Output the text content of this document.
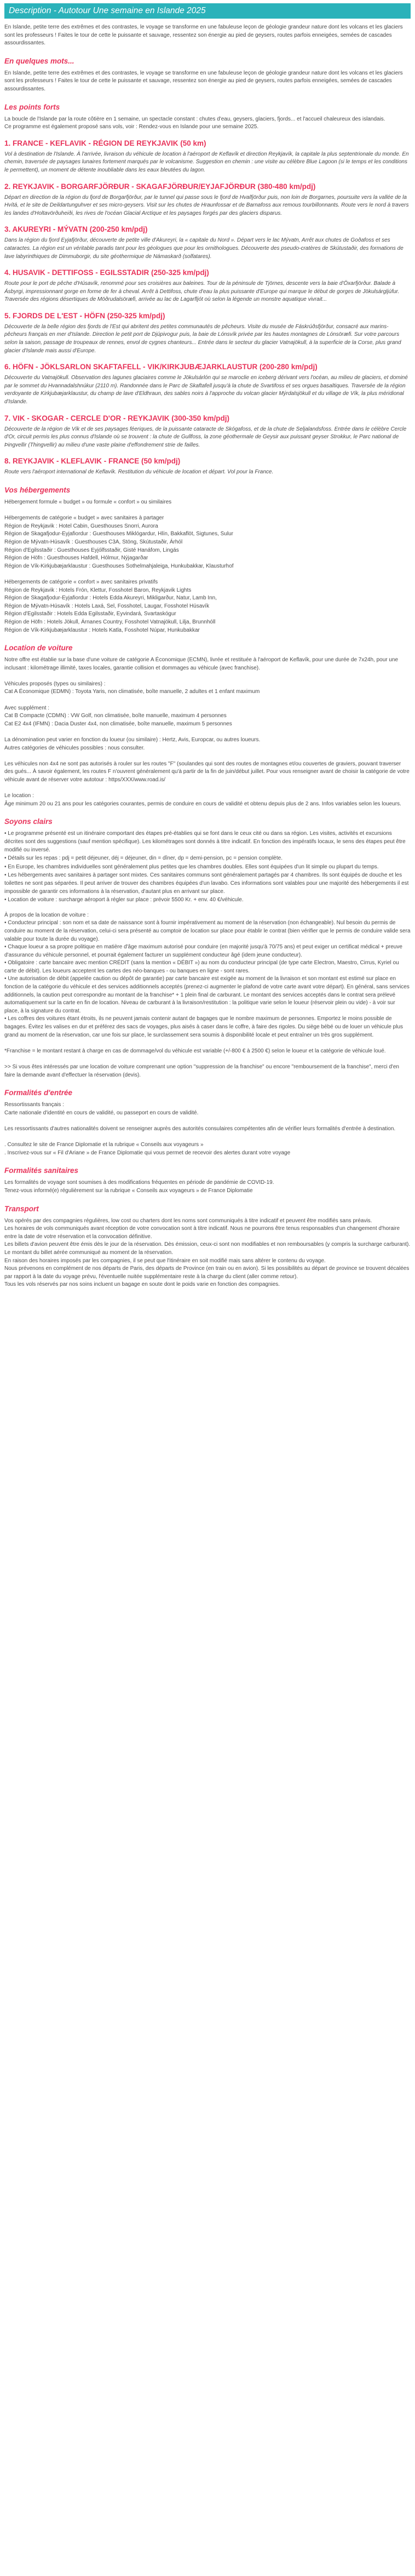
Description - Autotour Une semaine en Islande 2025

En Islande, petite terre des extrêmes et des contrastes, le voyage se transforme en une fabuleuse leçon de géologie grandeur nature dont les volcans et les glaciers sont les professeurs ! Faites le tour de cette le puissante et sauvage, ressentez son énergie au pied de geysers, routes parfois enneigées, semées de cascades assourdissantes.

En quelques mots...

En Islande, petite terre des extrêmes et des contrastes, le voyage se transforme en une fabuleuse leçon de géologie grandeur nature dont les volcans et les glaciers sont les professeurs ! Faites le tour de cette le puissante et sauvage, ressentez son énergie au pied de geysers, routes parfois enneigées, semées de cascades assourdissantes.

Les points forts
La boucle de l'Islande par la route côtière en 1 semaine, un spectacle constant : chutes d'eau, geysers, glaciers, fjords... et l'accueil chaleureux des islandais.
Ce programme est également proposé sans vols, voir : Rendez-vous en Islande pour une semaine 2025.
1. FRANCE - KEFLAVIK - RÉGION DE REYKJAVIK (50 km)

Vol à destination de l'Islande. À l'arrivée, livraison du véhicule de location à l'aéroport de Keflavík et direction Reykjavík, la capitale la plus septentrionale du monde. En chemin, traversée de paysages lunaires fortement marqués par le volcanisme. Suggestion en chemin : une visite au célèbre Blue Lagoon (si le temps et les conditions le permettent), un moment de détente inoubliable dans les eaux bleutées du lagon.

2. REYKJAVIK - BORGARFJÖRÐUR - SKAGAFJÖRÐUR/EYJAFJÖRÐUR (380-480 km/pdj)

Départ en direction de la région du fjord de Borgarfjörður, par le tunnel qui passe sous le fjord de Hvalfjörður puis, non loin de Borgarnes, poursuite vers la vallée de la Hvítá, et le site de Deildartunguhver et ses micro-geysers. Visit sur les chutes de Hraunfossar et de Barnafoss aux remous tourbillonnants. Route vers le nord à travers les landes d'Holtavörðuheiði, les rives de l'océan Glacial Arctique et les paysages forgés par des glaciers disparus.

3. AKUREYRI - MÝVATN (200-250 km/pdj)

Dans la région du fjord Eyjafjörður, découverte de petite ville d'Akureyri, la « capitale du Nord ». Départ vers le lac Mývatn, Arrêt aux chutes de Goðafoss et ses cataractes. La région est un véritable paradis tant pour les géologues que pour les ornithologues. Découverte des pseudo-cratères de Skútustaðir, des formations de lave labyrinthiques de Dimmuborgir, du site géothermique de Námaskarð (solfatares).

4. HUSAVIK - DETTIFOSS - EGILSSTADIR (250-325 km/pdj)

Route pour le port de pêche d'Húsavík, renommé pour ses croisières aux baleines. Tour de la péninsule de Tjörnes, descente vers la baie d'Öxarfjörður. Balade à Ásbyrgi, impressionnant gorge en forme de fer à cheval. Arrêt à Dettifoss, chute d'eau la plus puissante d'Europe qui marque le début de gorges de Jökulsárgljúfur. Traversée des régions désertiques de Möðrudalsöræfi, arrivée au lac de Lagarfljót où selon la légende un monstre aquatique vivrait...

5. FJORDS DE L'EST - HÖFN (250-325 km/pdj)

Découverte de la belle région des fjords de l'Est qui abritent des petites communautés de pêcheurs. Visite du musée de Fáskrúðsfjörður, consacré aux marins-pêcheurs français en mer d'Islande. Direction le petit port de Djúpivogur puis, la baie de Lónsvík privée par les hautes montagnes de Lónsöræfi. Sur votre parcours selon la saison, passage de troupeaux de rennes, envol de cygnes chanteurs... Entrée dans le secteur du glacier Vatnajökull, à la superficie de la Corse, plus grand glacier d'Islande mais aussi d'Europe.

6. HÖFN - JÖKLSARLON SKAFTAFELL - VIK/KIRKJUBÆJARKLAUSTUR (200-280 km/pdj)

Découverte du Vatnajökull. Observation des lagunes glaciaires comme le Jökulsárlón qui se maroclie en iceberg dérivant vers l'océan, au milieu de glaciers, et dominé par le sommet du Hvannadalshnúkur (2110 m). Randonnée dans le Parc de Skaftafell jusqu'à la chute de Svartifoss et ses orgues basaltiques. Traversée de la région verdoyante de Kirkjubæjarklaustur, du champ de lave d'Eldhraun, des sables noirs à l'approche du volcan glacier Mýrdalsjökull et du village de Vík, la plus méridional d'Islande.

7. VIK - SKOGAR - CERCLE D'OR - REYKJAVIK (300-350 km/pdj)

Découverte de la région de Vík et de ses paysages féeriques, de la puissante cataracte de Skógafoss, et de la chute de Seljalandsfoss. Entrée dans le célèbre Cercle d'Or, circuit permis les plus connus d'Islande où se trouvent : la chute de Gullfoss, la zone géothermale de Geysir aux puissant geyser Strokkur, le Parc national de Þingvellir (Thingvellir) au milieu d'une vaste plaine d'effondrement strie de failles.

8. REYKJAVIK - KLEFLAVIK - FRANCE (50 km/pdj)

Route vers l'aéroport international de Keflavík. Restitution du véhicule de location et départ. Vol pour la France.

Vos hébergements
Hébergement formule « budget » ou formule « confort » ou similaires
Hébergements de catégorie « budget » avec sanitaires à partager
Région de Reykjavik : Hotel Cabin, Guesthouses Snorri, Aurora
Région de Skagafjodur-Eyjafiordur : Guesthouses Miklógardur, Hlín, Bakkaflöt, Sigtunes, Sulur
Région de Mývatn-Húsavík : Guesthouses C3A, Stöng, Skútustaðir, Árhól
Région d'Egilsstaðir : Guesthouses Eyjólfsstaðir, Gisté Hanáfom, Lingás
Région de Höfn : Guesthouses Hafdell, Hólmur, Nýjagarðar
Région de Vík-Kirkjubæjarklaustur : Guesthouses Sothelmahjaleiga, Hunkubakkar, Klausturhof
Hébergements de catégorie « confort » avec sanitaires privatifs
Région de Reykjavik : Hotels Frón, Klettur, Fosshotel Baron, Reykjavik Lights
Région de Skagafjodur-Eyjafiordur : Hotels Edda Akureyri, Mikligarður, Natur, Lamb Inn,
Région de Mývatn-Húsavík : Hotels Laxá, Sel, Fosshotel, Laugar, Fosshotel Húsavík
Région d'Egilsstaðir : Hotels Edda Egilsstaðir, Eyvindará, Svartaskógur
Région de Höfn : Hotels Jökull, Árnanes Country, Fosshotel Vatnajökull, Lilja, Brunnhóll
Région de Vík-Kirkjubæjarklaustur : Hotels Katla, Fosshotel Núpar, Hunkubakkar
Location de voiture
Notre offre est établie sur la base d'une voiture de catégorie A Économique (ECMN), livrée et restituée à l'aéroport de Keflavík, pour une durée de 7x24h, pour une inclusant : kilométrage illimité, taxes locales, garantie collision et dommages au véhicule (avec franchise).
Véhicules proposés (types ou similaires) :
Cat A Économique (EDMN) : Toyota Yaris, non climatisée, boîte manuelle, 2 adultes et 1 enfant maximum
Avec supplément :
Cat B Compacte (CDMN) : VW Golf, non climatisée, boîte manuelle, maximum 4 personnes
Cat E2 4x4 (IFMN) : Dacia Duster 4x4, non climatisée, boîte manuelle, maximum 5 personnes
La dénomination peut varier en fonction du loueur (ou similaire) : Hertz, Avis, Europcar, ou autres loueurs.
Autres catégories de véhicules possibles : nous consulter.
Les véhicules non 4x4 ne sont pas autorisés à rouler sur les routes "F" (soulandes qui sont des routes de montagnes et/ou couvertes de graviers, pouvant traverser des gués... À savoir également, les routes F n'ouvrent généralement qu'à partir de la fin de juin/début juillet. Pour vous renseigner avant de choisir la catégorie de votre véhicule avant de réserver votre autotour : https/XXX/www.road.is/
Le location :
Âge minimum 20 ou 21 ans pour les catégories courantes, permis de conduire en cours de validité et obtenu depuis plus de 2 ans. Infos variables selon les loueurs.
Soyons clairs
• Le programme présenté est un itinéraire comportant des étapes pré-établies qui se font dans le ceux cité ou dans sa région. Les visites, activités et excursions décrites sont des suggestions (sauf mention spécifique). Les kilométrages sont donnés à titre indicatif. En fonction des impératifs locaux, le sens des étapes peut être modifié ou inversé.
• Détails sur les repas : pdj = petit déjeuner, déj = déjeuner, din = dîner, dp = demi-pension, pc = pension complète.
• En Europe, les chambres individuelles sont généralement plus petites que les chambres doubles. Elles sont équipées d'un lit simple ou plupart du temps.
• Les hébergements avec sanitaires à partager sont mixtes. Ces sanitaires communs sont généralement partagés par 4 chambres. Ils sont équipés de douche et les toilettes ne sont pas séparées. Il peut arriver de trouver des chambres équipées d'un lavabo. Ces informations sont valables pour une majorité des hébergements il est impossible de garantir ces informations à la réservation, d'autant plus en arrivant sur place.
• Location de voiture : surcharge aéroport à régler sur place : prévoir 5500 Kr. + env. 40 €/véhicule.
À propos de la location de voiture :
• Conducteur principal : son nom et sa date de naissance sont à fournir impérativement au moment de la réservation (non échangeable). Nul besoin du permis de conduire au moment de la réservation, celui-ci sera présenté au comptoir de location sur place pour établir le contrat (bien vérifier que le permis de conduire valide sera valable pour toute la durée du voyage).
• Chaque loueur a sa propre politique en matière d'âge maximum autorisé pour conduire (en majorité jusqu'à 70/75 ans) et peut exiger un certificat médical + preuve d'assurance du véhicule personnel, et pourrait également facturer un supplément conducteur âgé (idem jeune conducteur).
• Obligatoire : carte bancaire avec mention CRÉDIT (sans la mention « DÉBIT ») au nom du conducteur principal (de type carte Electron, Maestro, Cirrus, Kyriel ou carte de débit). Les loueurs acceptent les cartes des néo-banques - ou banques en ligne - sont rares.
• Une autorisation de débit (appelée caution ou dépôt de garantie) par carte bancaire est exigée au moment de la livraison et son montant est estimé sur place en fonction de la catégorie du véhicule et des services additionnels acceptés (prenez-ci augmenter le plafond de votre carte avant votre départ). En général, sans services additionnels, la caution peut correspondre au montant de la franchise* + 1 plein final de carburant. Le montant des services acceptés dans le contrat sera prélevé automatiquement sur la carte en fin de location. Niveau de carburant à la livraison/restitution : la politique varie selon le loueur (réservoir plein ou vide) - à voir sur place, à la signature du contrat.
• Les coffres des voitures étant étroits, ils ne peuvent jamais contenir autant de bagages que le nombre maximum de personnes. Emportez le moins possible de bagages. Évitez les valises en dur et préférez des sacs de voyages, plus aisés à caser dans le coffre, à faire des rigoles. Du siège bébé ou de louer un véhicule plus grand au moment de la réservation, car une fois sur place, le surclassement sera soumis à disponibilité locale et peut entraîner un très gros supplément.
*Franchise = le montant restant à charge en cas de dommage/vol du véhicule est variable (+/-800 € à 2500 €) selon le loueur et la catégorie de véhicule loué.
>> Si vous êtes intéressés par une location de voiture comprenant une option "suppression de la franchise" ou encore "remboursement de la franchise", merci d'en faire la demande avant d'effectuer la réservation (devis).
Formalités d'entrée
Ressortissants français :
Carte nationale d'identité en cours de validité, ou passeport en cours de validité.
Les ressortissants d'autres nationalités doivent se renseigner auprès des autorités consulaires compétentes afin de vérifier leurs formalités d'entrée à destination.
. Consultez le site de France Diplomatie et la rubrique « Conseils aux voyageurs »
. Inscrivez-vous sur « Fil d'Ariane » de France Diplomatie qui vous permet de recevoir des alertes durant votre voyage
Formalités sanitaires
Les formalités de voyage sont soumises à des modifications fréquentes en période de pandémie de COVID-19.
Tenez-vous informé(e) régulièrement sur la rubrique « Conseils aux voyageurs » de France Diplomatie
Transport
Vos opérés par des compagnies régulières, low cost ou charters dont les noms sont communiqués à titre indicatif et peuvent être modifiés sans préavis.
Les horaires de vols communiqués avant réception de votre convocation sont à titre indicatif. Nous ne pourrons être tenus responsables d'un changement d'horaire entre la date de votre réservation et la convocation définitive.
Les billets d'avion peuvent être émis dès le jour de la réservation. Dès émission, ceux-ci sont non modifiables et non remboursables (y compris la surcharge carburant). Le montant du billet aérée communiqué au moment de la réservation.
En raison des horaires imposés par les compagnies, il se peut que l'itinéraire en soit modifié mais sans altérer le contenu du voyage.
Nous prévenons en complément de nos départs de Paris, des départs de Province (en train ou en avion). Si les possibilités au départ de province se trouvent décalées par rapport à la date du voyage prévu, l'éventuelle nuitée supplémentaire reste à la charge du client (aller comme retour).
Tous les vols réservés par nos soins incluent un bagage en soute dont le poids varie en fonction des compagnies.
